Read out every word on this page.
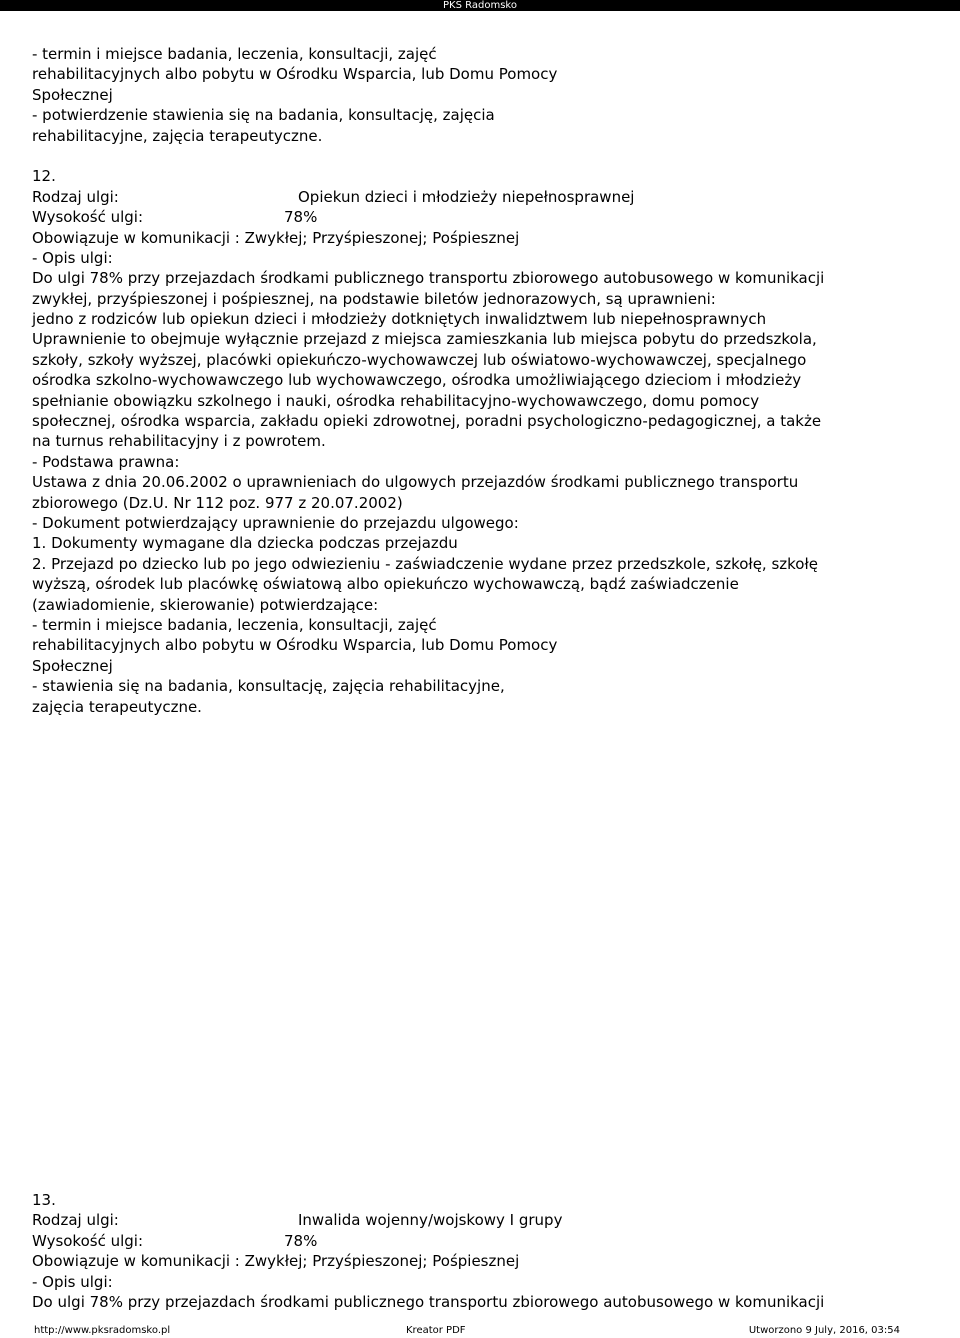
PKS Radomsko
- termin i miejsce badania, leczenia, konsultacji, zajęć
rehabilitacyjnych albo pobytu w Ośrodku Wsparcia, lub Domu Pomocy
Społecznej
- potwierdzenie stawienia się na badania, konsultację, zajęcia
rehabilitacyjne, zajęcia terapeutyczne.
12.
Rodzaj ulgi:	Opiekun dzieci i młodzieży niepełnosprawnej
Wysokość ulgi:	78%
Obowiązuje w komunikacji : Zwykłej; Przyśpieszonej; Pośpiesznej
- Opis ulgi:
Do ulgi 78% przy przejazdach środkami publicznego transportu zbiorowego autobusowego w komunikacji
zwykłej, przyśpieszonej i pośpiesznej, na podstawie biletów jednorazowych, są uprawnieni:
jedno z rodziców lub opiekun dzieci i młodzieży dotkniętych inwalidztwem lub niepełnosprawnych
Uprawnienie to obejmuje wyłącznie przejazd z miejsca zamieszkania lub miejsca pobytu do przedszkola,
szkoły, szkoły wyższej, placówki opiekuńczo-wychowawczej lub oświatowo-wychowawczej, specjalnego
ośrodka szkolno-wychowawczego lub wychowawczego, ośrodka umożliwiającego dzieciom i młodzieży
spełnianie obowiązku szkolnego i nauki, ośrodka rehabilitacyjno-wychowawczego, domu pomocy
społecznej, ośrodka wsparcia, zakładu opieki zdrowotnej, poradni psychologiczno-pedagogicznej, a także
na turnus rehabilitacyjny i z powrotem.
- Podstawa prawna:
Ustawa z dnia 20.06.2002 o uprawnieniach do ulgowych przejazdów środkami publicznego transportu
zbiorowego (Dz.U. Nr 112 poz. 977 z 20.07.2002)
- Dokument potwierdzający uprawnienie do przejazdu ulgowego:
1. Dokumenty wymagane dla dziecka podczas przejazdu
2. Przejazd po dziecko lub po jego odwiezieniu - zaświadczenie wydane przez przedszkole, szkołę, szkołę
wyższą, ośrodek lub placówkę oświatową albo opiekuńczo wychowawczą, bądź zaświadczenie
(zawiadomienie, skierowanie) potwierdzające:
- termin i miejsce badania, leczenia, konsultacji, zajęć
rehabilitacyjnych albo pobytu w Ośrodku Wsparcia, lub Domu Pomocy
Społecznej
- stawienia się na badania, konsultację, zajęcia rehabilitacyjne,
zajęcia terapeutyczne.
13.
Rodzaj ulgi:	Inwalida wojenny/wojskowy I grupy
Wysokość ulgi:	78%
Obowiązuje w komunikacji : Zwykłej; Przyśpieszonej; Pośpiesznej
- Opis ulgi:
Do ulgi 78% przy przejazdach środkami publicznego transportu zbiorowego autobusowego w komunikacji
http://www.pksradomsko.pl	Kreator PDF	Utworzono 9 July, 2016, 03:54
